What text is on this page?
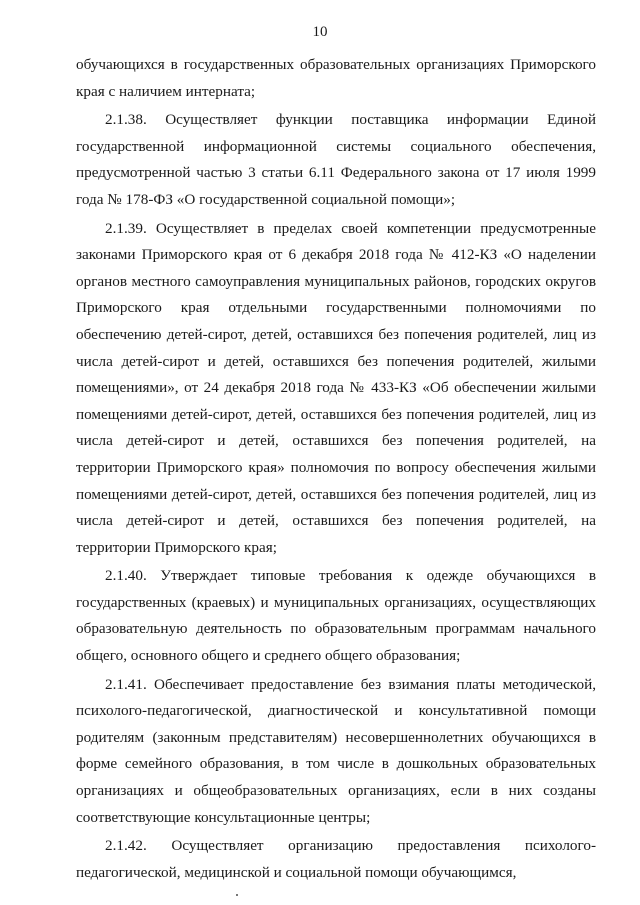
10

обучающихся в государственных образовательных организациях Приморского края с наличием интерната;

2.1.38. Осуществляет функции поставщика информации Единой государственной информационной системы социального обеспечения, предусмотренной частью 3 статьи 6.11 Федерального закона от 17 июля 1999 года № 178-ФЗ «О государственной социальной помощи»;

2.1.39. Осуществляет в пределах своей компетенции предусмотренные законами Приморского края от 6 декабря 2018 года № 412-КЗ «О наделении органов местного самоуправления муниципальных районов, городских округов Приморского края отдельными государственными полномочиями по обеспечению детей-сирот, детей, оставшихся без попечения родителей, лиц из числа детей-сирот и детей, оставшихся без попечения родителей, жилыми помещениями», от 24 декабря 2018 года № 433-КЗ «Об обеспечении жилыми помещениями детей-сирот, детей, оставшихся без попечения родителей, лиц из числа детей-сирот и детей, оставшихся без попечения родителей, на территории Приморского края» полномочия по вопросу обеспечения жилыми помещениями детей-сирот, детей, оставшихся без попечения родителей, лиц из числа детей-сирот и детей, оставшихся без попечения родителей, на территории Приморского края;

2.1.40. Утверждает типовые требования к одежде обучающихся в государственных (краевых) и муниципальных организациях, осуществляющих образовательную деятельность по образовательным программам начального общего, основного общего и среднего общего образования;

2.1.41. Обеспечивает предоставление без взимания платы методической, психолого-педагогической, диагностической и консультативной помощи родителям (законным представителям) несовершеннолетних обучающихся в форме семейного образования, в том числе в дошкольных образовательных организациях и общеобразовательных организациях, если в них созданы соответствующие консультационные центры;

2.1.42. Осуществляет организацию предоставления психолого-педагогической, медицинской и социальной помощи обучающимся,
